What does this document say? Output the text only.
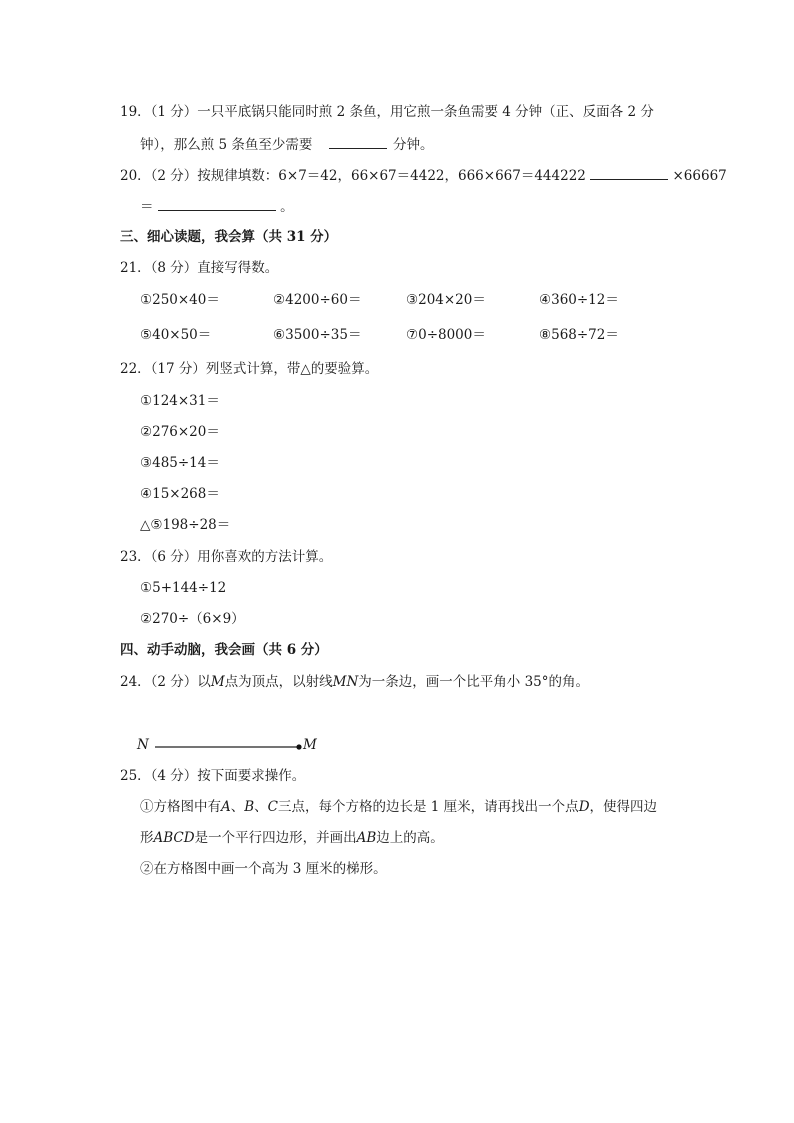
19．（1 分）一只平底锅只能同时煎 2 条鱼，用它煎一条鱼需要 4 分钟（正、反面各 2 分
钟），那么煎 5 条鱼至少需要	分钟。
20．（2 分）按规律填数：6×7＝42，66×67＝4422，666×667＝444222	×66667
＝	。
三、细心读题，我会算（共 31 分）
21．（8 分）直接写得数。
①250×40＝	②4200÷60＝	③204×20＝	④360÷12＝
⑤40×50＝	⑥3500÷35＝	⑦0÷8000＝	⑧568÷72＝
22．（17 分）列竖式计算，带△的要验算。
①124×31＝
②276×20＝
③485÷14＝
④15×268＝
△⑤198÷28＝
23．（6 分）用你喜欢的方法计算。
①5+144÷12
②270÷（6×9）
四、动手动脑，我会画（共 6 分）
24．（2 分）以M点为顶点，以射线MN为一条边，画一个比平角小 35°的角。
N	M
25．（4 分）按下面要求操作。
①方格图中有A、B、C三点，每个方格的边长是 1 厘米，请再找出一个点D，使得四边
形ABCD是一个平行四边形，并画出AB边上的高。
②在方格图中画一个高为 3 厘米的梯形。
